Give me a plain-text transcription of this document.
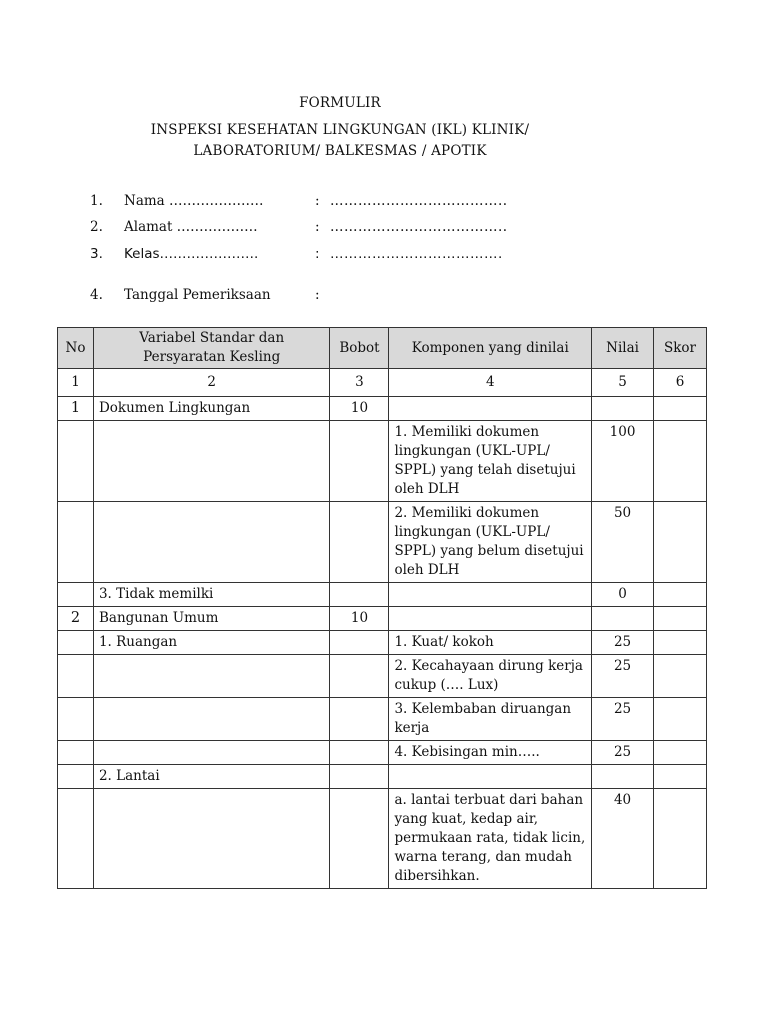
FORMULIR
INSPEKSI KESEHATAN LINGKUNGAN (IKL) KLINIK/
LABORATORIUM/ BALKESMAS / APOTIK
1.	Nama …………………	: ………………………………..
2.	Alamat ………………	: ………………………………..
3.	Kelas………………….	: ……………………………….
4.	Tanggal Pemeriksaan	:
No	Variabel Standar dan Persyaratan Kesling	Bobot	Komponen yang dinilai	Nilai	Skor
1	2	3	4	5	6
1	Dokumen Lingkungan	10			
			1. Memiliki dokumen lingkungan (UKL-UPL/ SPPL) yang telah disetujui oleh DLH	100	
			2. Memiliki dokumen lingkungan (UKL-UPL/ SPPL) yang belum disetujui oleh DLH	50	
	3. Tidak memilki			0	
2	Bangunan Umum	10			
	1. Ruangan		1. Kuat/ kokoh	25	
			2. Kecahayaan dirung kerja cukup (…. Lux)	25	
			3. Kelembaban diruangan kerja	25	
			4. Kebisingan min…..	25	
	2. Lantai				
			a. lantai terbuat dari bahan yang kuat, kedap air, permukaan rata, tidak licin, warna terang, dan mudah dibersihkan.	40	
